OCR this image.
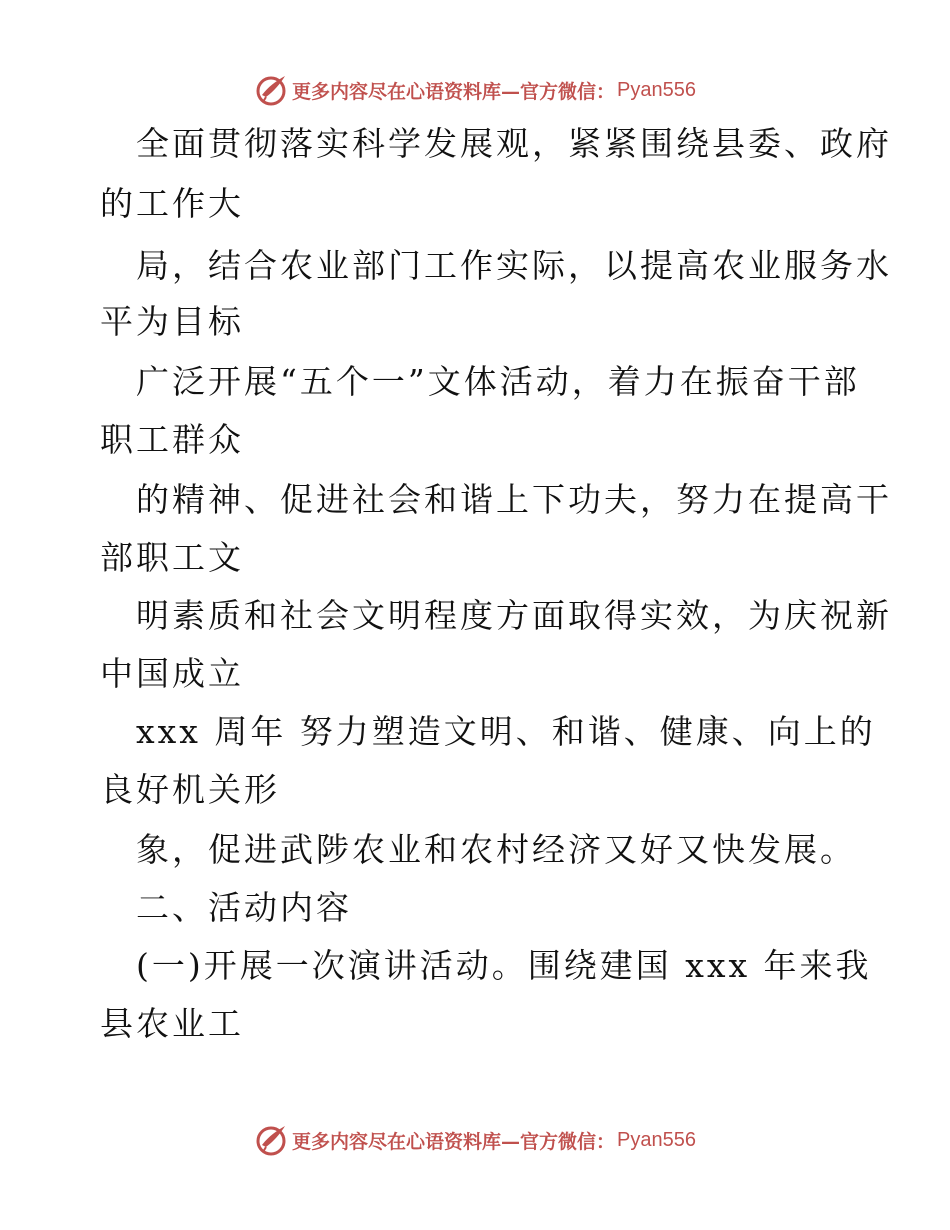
更多内容尽在心语资料库—官方微信： Pyan556
全面贯彻落实科学发展观，紧紧围绕县委、政府
的工作大
局，结合农业部门工作实际，以提高农业服务水
平为目标
广泛开展“五个一”文体活动，着力在振奋干部
职工群众
的精神、促进社会和谐上下功夫，努力在提高干
部职工文
明素质和社会文明程度方面取得实效，为庆祝新
中国成立
xxx 周年 努力塑造文明、和谐、健康、向上的
良好机关形
象，促进武陟农业和农村经济又好又快发展。
二、活动内容
(一)开展一次演讲活动。围绕建国 xxx 年来我
县农业工
更多内容尽在心语资料库—官方微信： Pyan556
